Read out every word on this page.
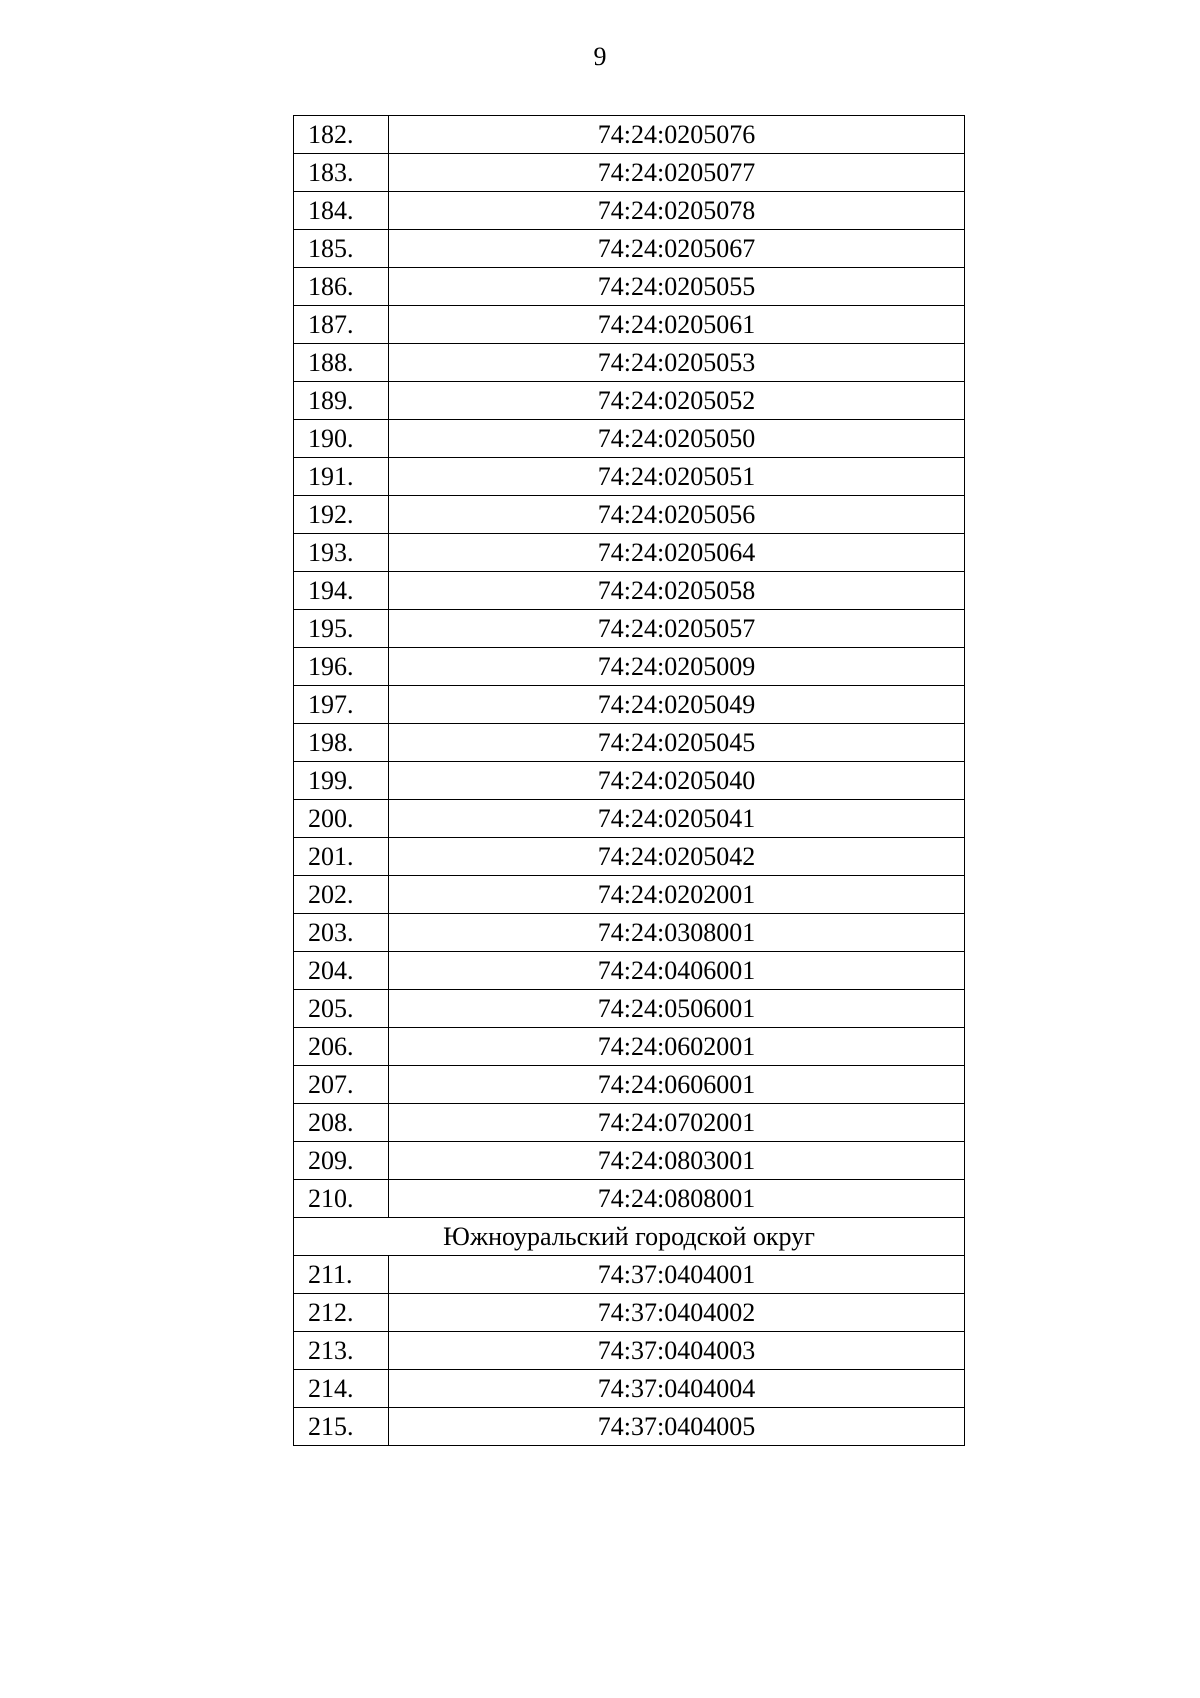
9
182.	74:24:0205076
183.	74:24:0205077
184.	74:24:0205078
185.	74:24:0205067
186.	74:24:0205055
187.	74:24:0205061
188.	74:24:0205053
189.	74:24:0205052
190.	74:24:0205050
191.	74:24:0205051
192.	74:24:0205056
193.	74:24:0205064
194.	74:24:0205058
195.	74:24:0205057
196.	74:24:0205009
197.	74:24:0205049
198.	74:24:0205045
199.	74:24:0205040
200.	74:24:0205041
201.	74:24:0205042
202.	74:24:0202001
203.	74:24:0308001
204.	74:24:0406001
205.	74:24:0506001
206.	74:24:0602001
207.	74:24:0606001
208.	74:24:0702001
209.	74:24:0803001
210.	74:24:0808001
Южноуральский городской округ	
211.	74:37:0404001
212.	74:37:0404002
213.	74:37:0404003
214.	74:37:0404004
215.	74:37:0404005
